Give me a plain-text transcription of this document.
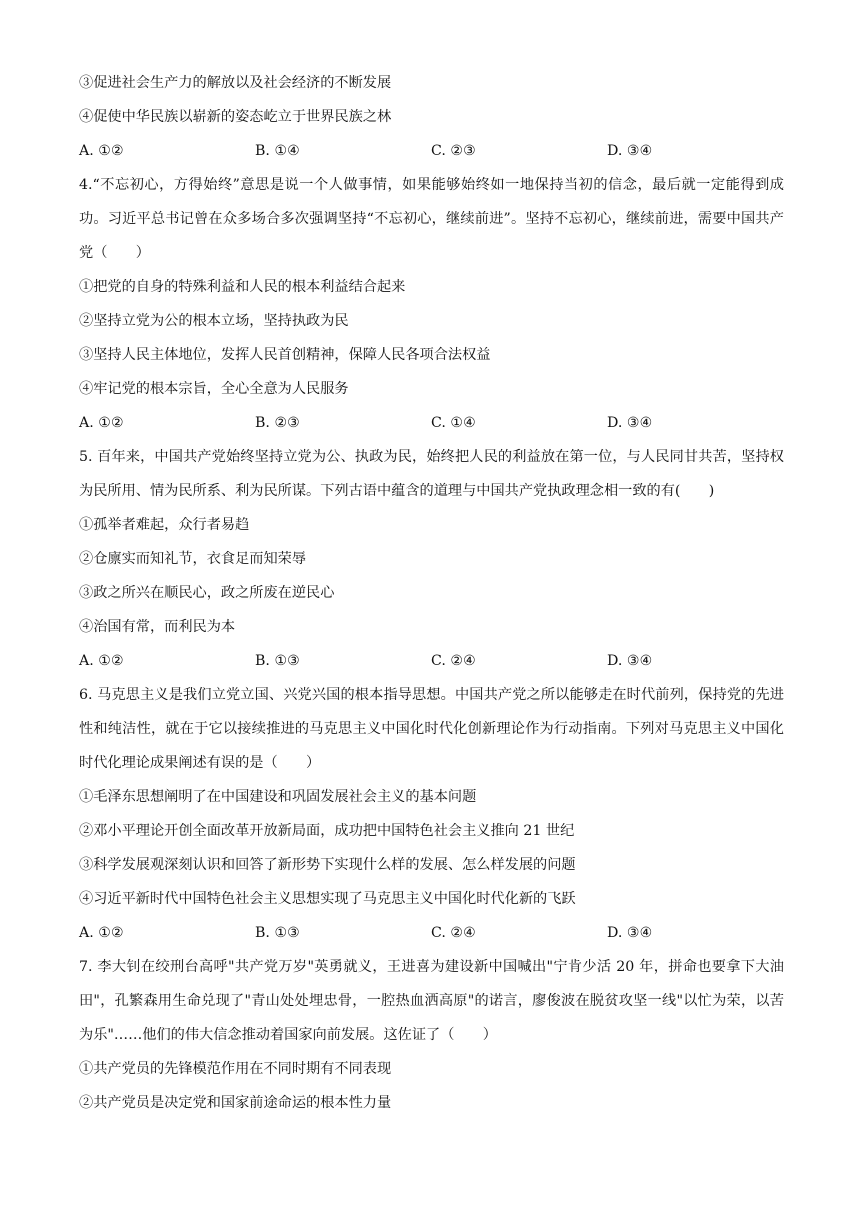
③促进社会生产力的解放以及社会经济的不断发展
④促使中华民族以崭新的姿态屹立于世界民族之林
A. ①②	B. ①④	C. ②③	D. ③④
4.“不忘初心，方得始终”意思是说一个人做事情，如果能够始终如一地保持当初的信念，最后就一定能得到成功。习近平总书记曾在众多场合多次强调坚持“不忘初心，继续前进”。坚持不忘初心，继续前进，需要中国共产党（　　）
①把党的自身的特殊利益和人民的根本利益结合起来
②坚持立党为公的根本立场，坚持执政为民
③坚持人民主体地位，发挥人民首创精神，保障人民各项合法权益
④牢记党的根本宗旨，全心全意为人民服务
A. ①②	B. ②③	C. ①④	D. ③④
5. 百年来，中国共产党始终坚持立党为公、执政为民，始终把人民的利益放在第一位，与人民同甘共苦，坚持权为民所用、情为民所系、利为民所谋。下列古语中蕴含的道理与中国共产党执政理念相一致的有(　　)
①孤举者难起，众行者易趋
②仓廪实而知礼节，衣食足而知荣辱
③政之所兴在顺民心，政之所废在逆民心
④治国有常，而利民为本
A. ①②	B. ①③	C. ②④	D. ③④
6. 马克思主义是我们立党立国、兴党兴国的根本指导思想。中国共产党之所以能够走在时代前列，保持党的先进性和纯洁性，就在于它以接续推进的马克思主义中国化时代化创新理论作为行动指南。下列对马克思主义中国化时代化理论成果阐述有误的是（　　）
①毛泽东思想阐明了在中国建设和巩固发展社会主义的基本问题
②邓小平理论开创全面改革开放新局面，成功把中国特色社会主义推向 21 世纪
③科学发展观深刻认识和回答了新形势下实现什么样的发展、怎么样发展的问题
④习近平新时代中国特色社会主义思想实现了马克思主义中国化时代化新的飞跃
A. ①②	B. ①③	C. ②④	D. ③④
7. 李大钊在绞刑台高呼"共产党万岁"英勇就义，王进喜为建设新中国喊出"宁肯少活 20 年，拼命也要拿下大油田"，孔繁森用生命兑现了"青山处处埋忠骨，一腔热血洒高原"的诺言，廖俊波在脱贫攻坚一线"以忙为荣，以苦为乐"……他们的伟大信念推动着国家向前发展。这佐证了（　　）
①共产党员的先锋模范作用在不同时期有不同表现
②共产党员是决定党和国家前途命运的根本性力量
